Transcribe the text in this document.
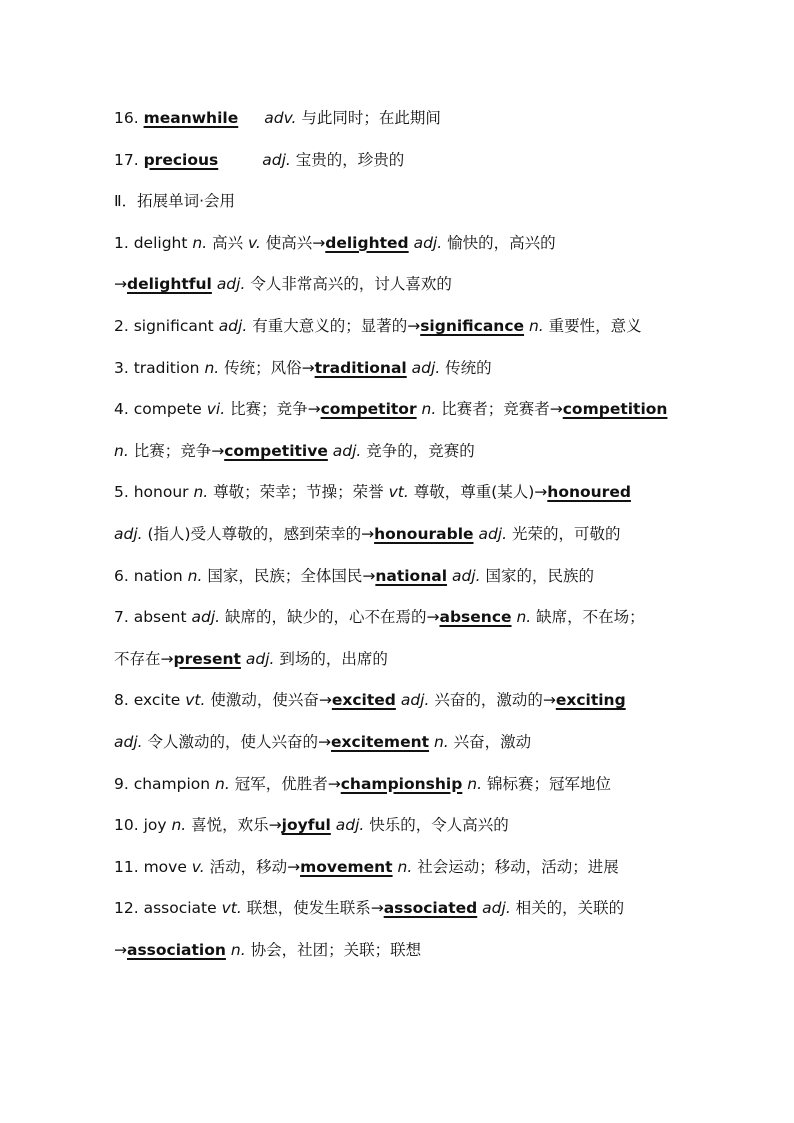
16. meanwhile adv. 与此同时；在此期间
17. precious	adj. 宝贵的，珍贵的
Ⅱ．拓展单词·会用
1. delight n. 高兴 v. 使高兴→delighted adj. 愉快的，高兴的
→delightful adj. 令人非常高兴的，讨人喜欢的
2. significant adj. 有重大意义的；显著的→significance n. 重要性，意义
3. tradition n. 传统；风俗→traditional adj. 传统的
4. compete vi. 比赛；竞争→competitor n. 比赛者；竞赛者→competition
n. 比赛；竞争→competitive adj. 竞争的，竞赛的
5. honour n. 尊敬；荣幸；节操；荣誉 vt. 尊敬，尊重(某人)→honoured
adj. (指人)受人尊敬的，感到荣幸的→honourable adj. 光荣的，可敬的
6. nation n. 国家，民族；全体国民→national adj. 国家的，民族的
7. absent adj. 缺席的，缺少的，心不在焉的→absence n. 缺席，不在场；
不存在→present adj. 到场的，出席的
8. excite vt. 使激动，使兴奋→excited adj. 兴奋的，激动的→exciting
adj. 令人激动的，使人兴奋的→excitement n. 兴奋，激动
9. champion n. 冠军，优胜者→championship n. 锦标赛；冠军地位
10. joy n. 喜悦，欢乐→joyful adj. 快乐的，令人高兴的
11. move v. 活动，移动→movement n. 社会运动；移动，活动；进展
12. associate vt. 联想，使发生联系→associated adj. 相关的，关联的
→association n. 协会，社团；关联；联想
